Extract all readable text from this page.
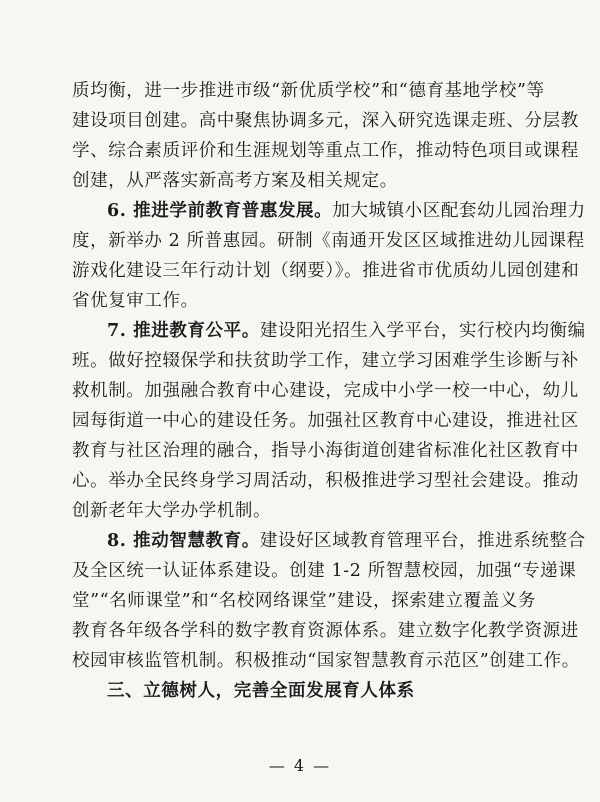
质均衡，进一步推进市级“新优质学校”和“德育基地学校”等
建设项目创建。高中聚焦协调多元，深入研究选课走班、分层教
学、综合素质评价和生涯规划等重点工作，推动特色项目或课程
创建，从严落实新高考方案及相关规定。

6. 推进学前教育普惠发展。加大城镇小区配套幼儿园治理力
度，新举办 2 所普惠园。研制《南通开发区区域推进幼儿园课程
游戏化建设三年行动计划（纲要）》。推进省市优质幼儿园创建和
省优复审工作。

7. 推进教育公平。建设阳光招生入学平台，实行校内均衡编
班。做好控辍保学和扶贫助学工作，建立学习困难学生诊断与补
救机制。加强融合教育中心建设，完成中小学一校一中心，幼儿
园每街道一中心的建设任务。加强社区教育中心建设，推进社区
教育与社区治理的融合，指导小海街道创建省标准化社区教育中
心。举办全民终身学习周活动，积极推进学习型社会建设。推动
创新老年大学办学机制。

8. 推动智慧教育。建设好区域教育管理平台，推进系统整合
及全区统一认证体系建设。创建 1-2 所智慧校园，加强“专递课
堂”“名师课堂”和“名校网络课堂”建设，探索建立覆盖义务
教育各年级各学科的数字教育资源体系。建立数字化教学资源进
校园审核监管机制。积极推动“国家智慧教育示范区”创建工作。

三、立德树人，完善全面发展育人体系

— 4 —
